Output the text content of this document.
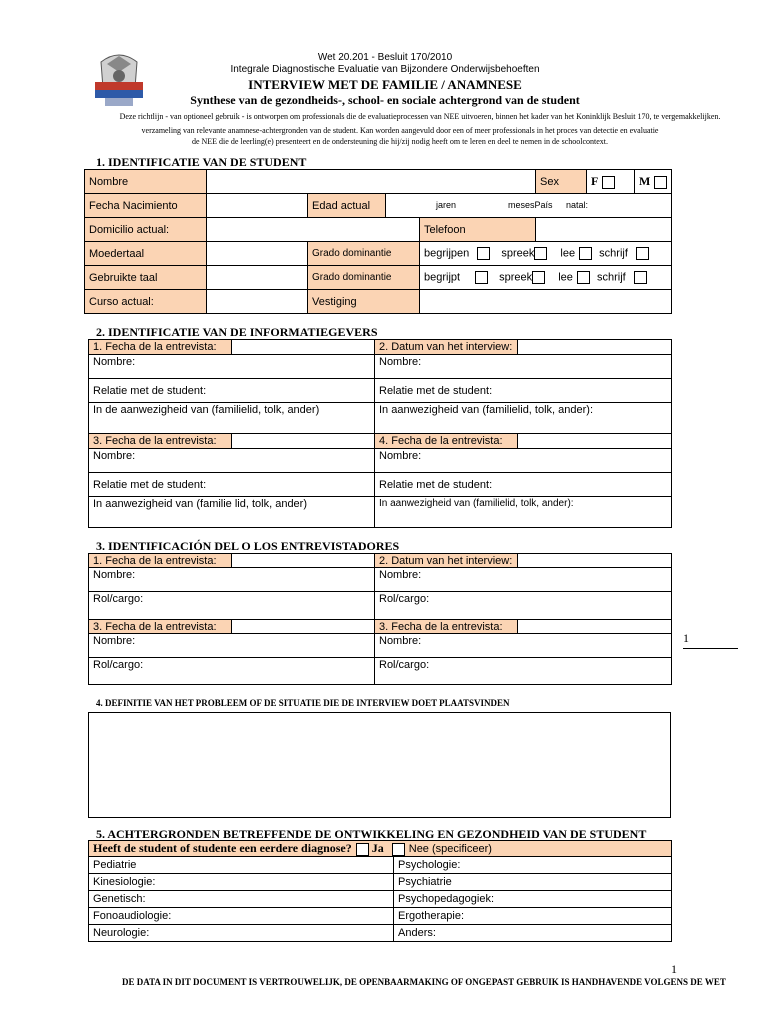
Wet 20.201 - Besluit 170/2010
Integrale Diagnostische Evaluatie van Bijzondere Onderwijsbehoeften
INTERVIEW MET DE FAMILIE / ANAMNESE
Synthese van de gezondheids-, school- en sociale achtergrond van de student
Deze richtlijn - van optioneel gebruik - is ontworpen om professionals die de evaluatieprocessen van NEE uitvoeren, binnen het kader van het Koninklijk Besluit 170, te vergemakkelijken.
verzameling van relevante anamnese-achtergronden van de student. Kan worden aangevuld door een of meer professionals in het proces van detectie en evaluatie
de NEE die de leerling(e) presenteert en de ondersteuning die hij/zij nodig heeft om te leren en deel te nemen in de schoolcontext.
1. IDENTIFICATIE VAN DE STUDENT
Nombre					Sex	F	M
Fecha Nacimiento		Edad actual	jaren mesesPaís natal:				

Domicilio actual:				Telefoon			
Moedertaal		Grado dominantie		begrijpen spreek lee schrijf			
Gebruikte taal		Grado dominantie		begrijpt spreek lee schrijf			
Curso actual:		Vestiging					
2. IDENTIFICATIE VAN DE INFORMATIEGEVERS
1. Fecha de la entrevista:		2. Datum van het interview:	
Nombre:		Nombre:	
Relatie met de student:		Relatie met de student:	
In de aanwezigheid van (familielid, tolk, ander)		In aanwezigheid van (familielid, tolk, ander):	
3. Fecha de la entrevista:		4. Fecha de la entrevista:	
Nombre:		Nombre:	
Relatie met de student:		Relatie met de student:	
In aanwezigheid van (familie lid, tolk, ander)		In aanwezigheid van (familielid, tolk, ander):	
3. IDENTIFICACIÓN DEL O LOS ENTREVISTADORES
1. Fecha de la entrevista:		2. Datum van het interview:	
Nombre:		Nombre:	
Rol/cargo:		Rol/cargo:	
3. Fecha de la entrevista:		3. Fecha de la entrevista:	
Nombre:		Nombre:	
Rol/cargo:		Rol/cargo:	
1
4. DEFINITIE VAN HET PROBLEEM OF DE SITUATIE DIE DE INTERVIEW DOET PLAATSVINDEN
5. ACHTERGRONDEN BETREFFENDE DE ONTWIKKELING EN GEZONDHEID VAN DE STUDENT
Heeft de student of studente een eerdere diagnose? Ja Nee (specificeer)	
Pediatrie	Psychologie:
Kinesiologie:	Psychiatrie
Genetisch:	Psychopedagogiek:
Fonoaudiologie:	Ergotherapie:
Neurologie:	Anders:
1
DE DATA IN DIT DOCUMENT IS VERTROUWELIJK, DE OPENBAARMAKING OF ONGEPAST GEBRUIK IS HANDHAVENDE VOLGENS DE WET
